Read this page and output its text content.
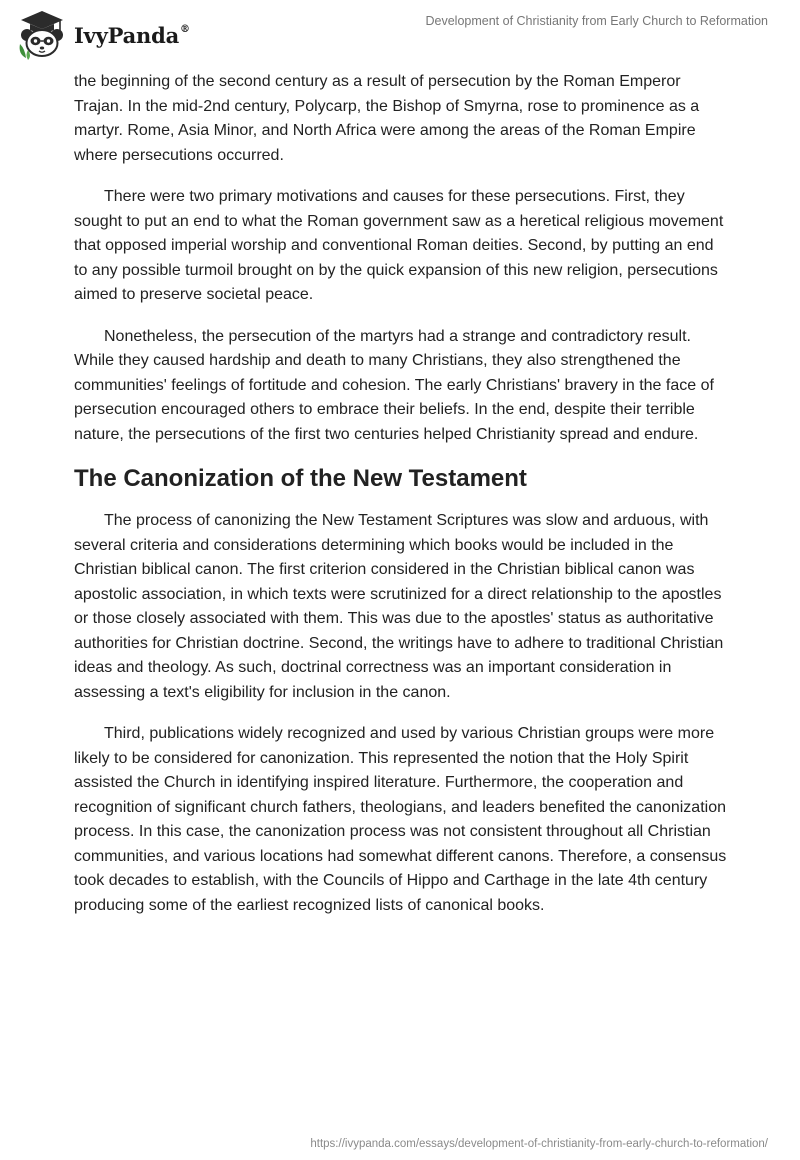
IvyPanda®
Development of Christianity from Early Church to Reformation

the beginning of the second century as a result of persecution by the Roman Emperor Trajan. In the mid-2nd century, Polycarp, the Bishop of Smyrna, rose to prominence as a martyr. Rome, Asia Minor, and North Africa were among the areas of the Roman Empire where persecutions occurred.

There were two primary motivations and causes for these persecutions. First, they sought to put an end to what the Roman government saw as a heretical religious movement that opposed imperial worship and conventional Roman deities. Second, by putting an end to any possible turmoil brought on by the quick expansion of this new religion, persecutions aimed to preserve societal peace.

Nonetheless, the persecution of the martyrs had a strange and contradictory result. While they caused hardship and death to many Christians, they also strengthened the communities' feelings of fortitude and cohesion. The early Christians' bravery in the face of persecution encouraged others to embrace their beliefs. In the end, despite their terrible nature, the persecutions of the first two centuries helped Christianity spread and endure.

The Canonization of the New Testament

The process of canonizing the New Testament Scriptures was slow and arduous, with several criteria and considerations determining which books would be included in the Christian biblical canon. The first criterion considered in the Christian biblical canon was apostolic association, in which texts were scrutinized for a direct relationship to the apostles or those closely associated with them. This was due to the apostles' status as authoritative authorities for Christian doctrine. Second, the writings have to adhere to traditional Christian ideas and theology. As such, doctrinal correctness was an important consideration in assessing a text's eligibility for inclusion in the canon.

Third, publications widely recognized and used by various Christian groups were more likely to be considered for canonization. This represented the notion that the Holy Spirit assisted the Church in identifying inspired literature. Furthermore, the cooperation and recognition of significant church fathers, theologians, and leaders benefited the canonization process. In this case, the canonization process was not consistent throughout all Christian communities, and various locations had somewhat different canons. Therefore, a consensus took decades to establish, with the Councils of Hippo and Carthage in the late 4th century producing some of the earliest recognized lists of canonical books.

https://ivypanda.com/essays/development-of-christianity-from-early-church-to-reformation/
